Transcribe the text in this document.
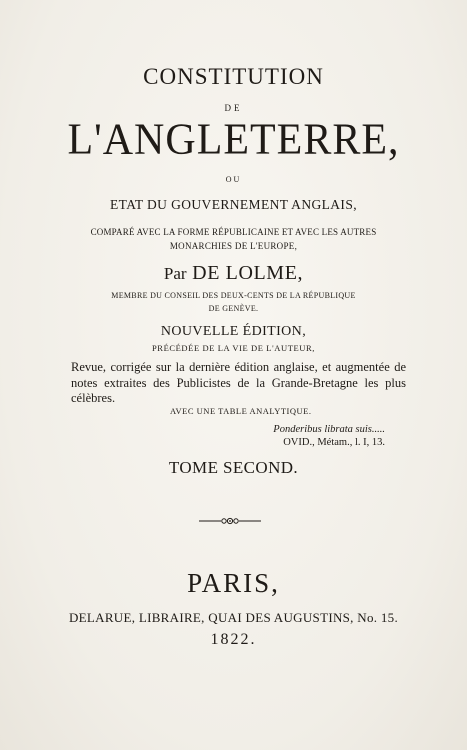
CONSTITUTION
DE
L'ANGLETERRE,
OU
ETAT DU GOUVERNEMENT ANGLAIS,
COMPARÉ AVEC LA FORME RÉPUBLICAINE ET AVEC LES AUTRES
MONARCHIES DE L'EUROPE,
Par DE LOLME,
MEMBRE DU CONSEIL DES DEUX-CENTS DE LA RÉPUBLIQUE
DE GENÈVE.
NOUVELLE ÉDITION,
PRÉCÉDÉE DE LA VIE DE L'AUTEUR,
Revue, corrigée sur la dernière édition anglaise, et augmentée de notes extraites des Publicistes de la Grande-Bretagne les plus célèbres.
AVEC UNE TABLE ANALYTIQUE.
Ponderibus librata suis.....
OVID., Métam., l. I, 13.
TOME SECOND.
PARIS,
DELARUE, LIBRAIRE, QUAI DES AUGUSTINS, No. 15.
1822.
